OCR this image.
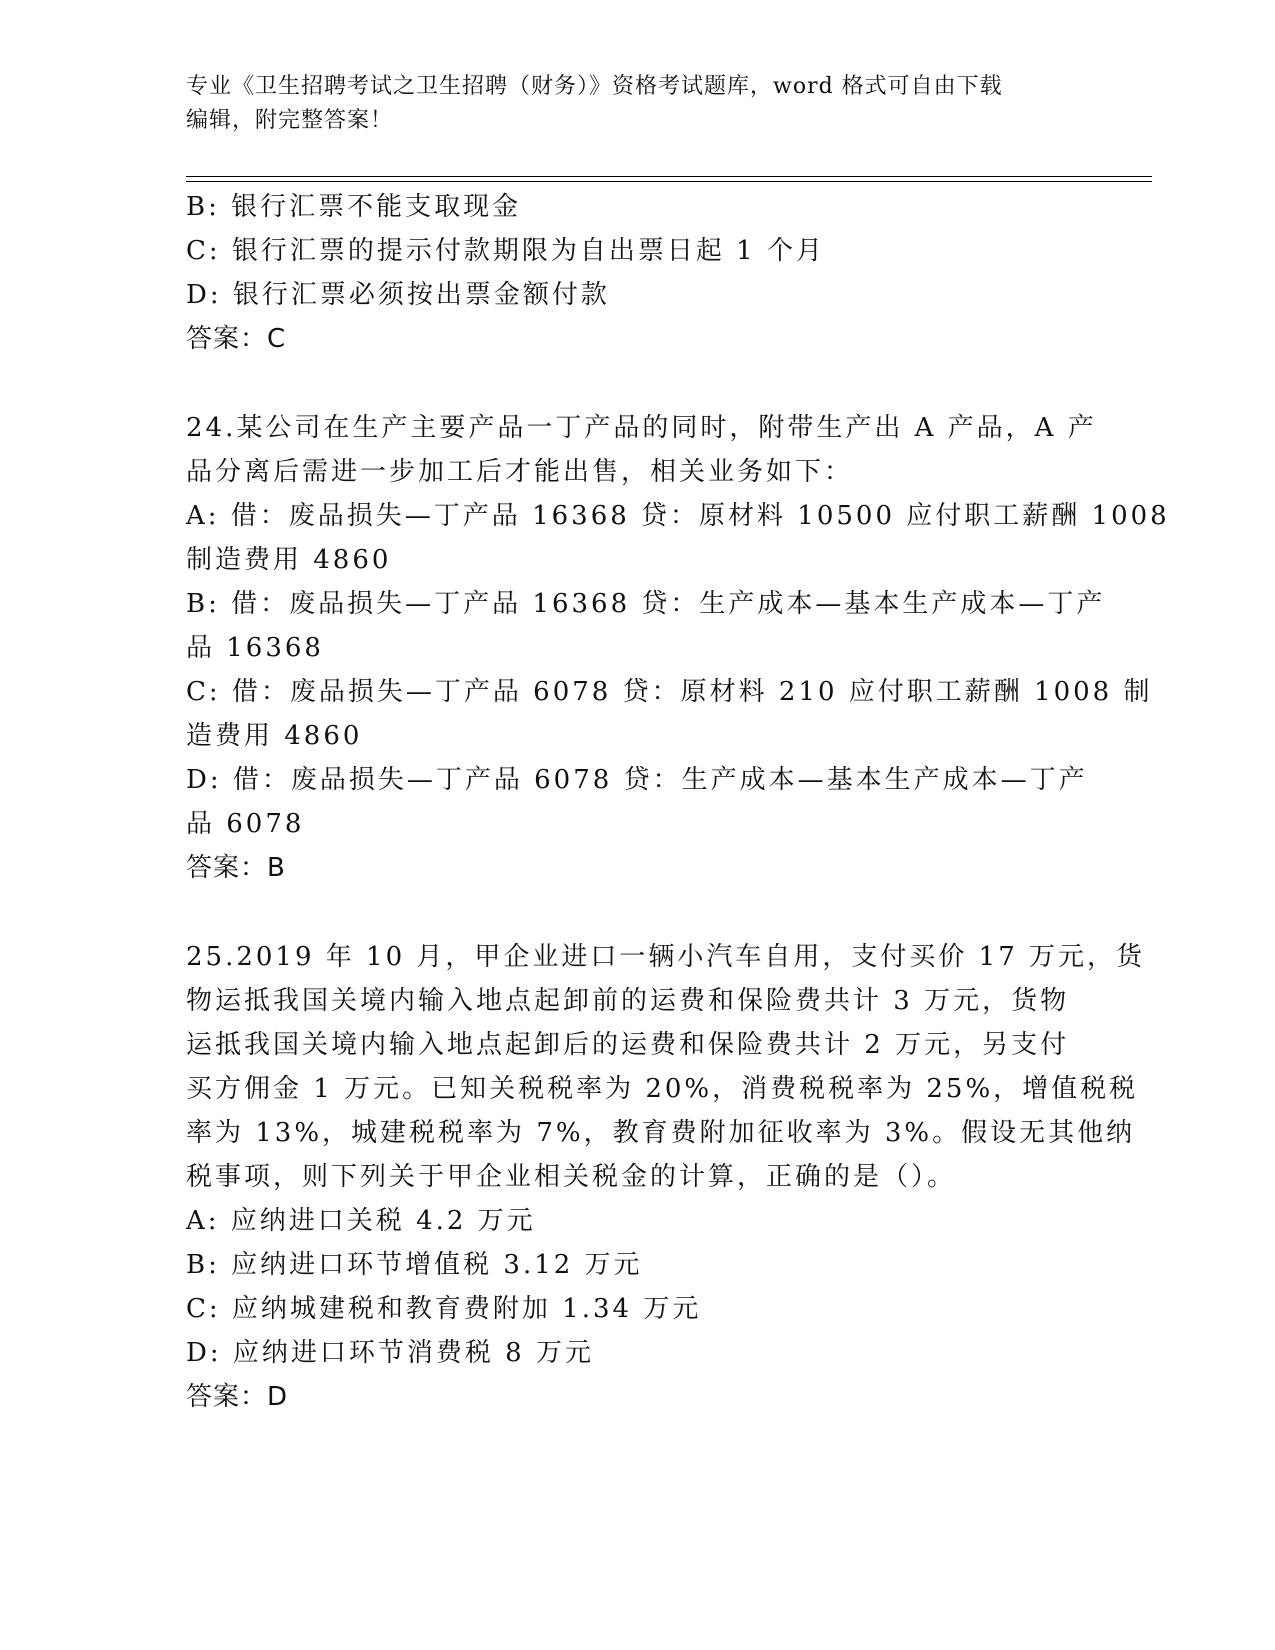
专业《卫生招聘考试之卫生招聘（财务）》资格考试题库，word 格式可自由下载
编辑，附完整答案！
B: 银行汇票不能支取现金
C: 银行汇票的提示付款期限为自出票日起 1 个月
D: 银行汇票必须按出票金额付款
答案：C
24.某公司在生产主要产品一丁产品的同时，附带生产出 A 产品，A 产
品分离后需进一步加工后才能出售，相关业务如下：
A: 借：废品损失—丁产品 16368 贷：原材料 10500 应付职工薪酬 1008
制造费用 4860
B: 借：废品损失—丁产品 16368 贷：生产成本—基本生产成本—丁产
品 16368
C: 借：废品损失—丁产品 6078 贷：原材料 210 应付职工薪酬 1008 制
造费用 4860
D: 借：废品损失—丁产品 6078 贷：生产成本—基本生产成本—丁产
品 6078
答案：B
25.2019 年 10 月，甲企业进口一辆小汽车自用，支付买价 17 万元，货
物运抵我国关境内输入地点起卸前的运费和保险费共计 3 万元，货物
运抵我国关境内输入地点起卸后的运费和保险费共计 2 万元，另支付
买方佣金 1 万元。已知关税税率为 20%，消费税税率为 25%，增值税税
率为 13%，城建税税率为 7%，教育费附加征收率为 3%。假设无其他纳
税事项，则下列关于甲企业相关税金的计算，正确的是（）。
A: 应纳进口关税 4.2 万元
B: 应纳进口环节增值税 3.12 万元
C: 应纳城建税和教育费附加 1.34 万元
D: 应纳进口环节消费税 8 万元
答案：D
